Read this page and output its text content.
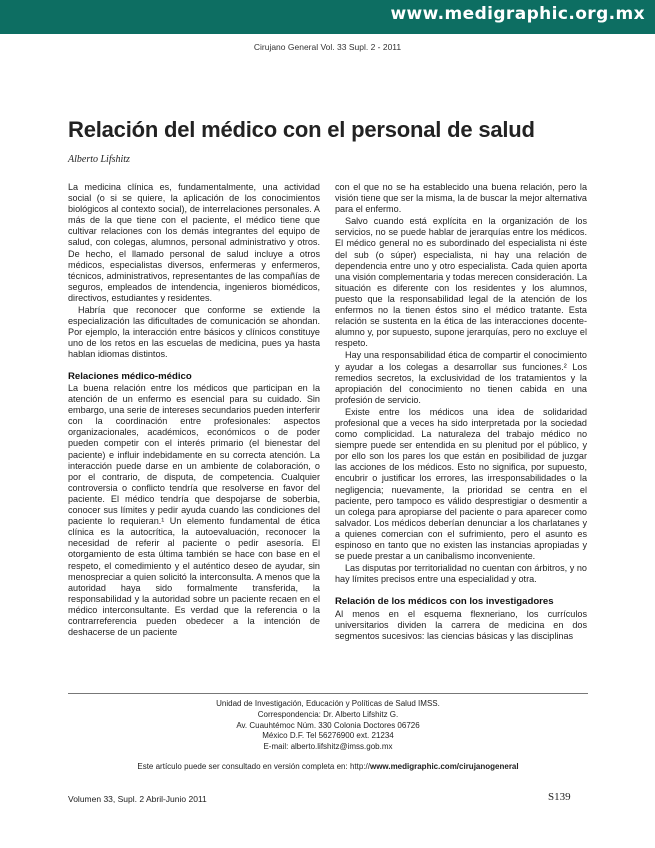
www.medigraphic.org.mx
Cirujano General Vol. 33 Supl. 2 - 2011
Relación del médico con el personal de salud
Alberto Lifshitz

La medicina clínica es, fundamentalmente, una actividad social (o si se quiere, la aplicación de los conocimientos biológicos al contexto social), de interrelaciones personales. A más de la que tiene con el paciente, el médico tiene que cultivar relaciones con los demás integrantes del equipo de salud, con colegas, alumnos, personal administrativo y otros. De hecho, el llamado personal de salud incluye a otros médicos, especialistas diversos, enfermeras y enfermeros, técnicos, administrativos, representantes de las compañías de seguros, empleados de intendencia, ingenieros biomédicos, directivos, estudiantes y residentes.

Habría que reconocer que conforme se extiende la especialización las dificultades de comunicación se ahondan. Por ejemplo, la interacción entre básicos y clínicos constituye uno de los retos en las escuelas de medicina, pues ya hasta hablan idiomas distintos.

Relaciones médico-médico

La buena relación entre los médicos que participan en la atención de un enfermo es esencial para su cuidado. Sin embargo, una serie de intereses secundarios pueden interferir con la coordinación entre profesionales: aspectos organizacionales, académicos, económicos o de poder pueden competir con el interés primario (el bienestar del paciente) e influir indebidamente en su correcta atención. La interacción puede darse en un ambiente de colaboración, o por el contrario, de disputa, de competencia. Cualquier controversia o conflicto tendría que resolverse en favor del paciente. El médico tendría que despojarse de soberbia, conocer sus límites y pedir ayuda cuando las condiciones del paciente lo requieran.¹ Un elemento fundamental de ética clínica es la autocrítica, la autoevaluación, reconocer la necesidad de referir al paciente o pedir asesoría. El otorgamiento de esta última también se hace con base en el respeto, el comedimiento y el auténtico deseo de ayudar, sin menospreciar a quien solicitó la interconsulta. A menos que la autoridad haya sido formalmente transferida, la responsabilidad y la autoridad sobre un paciente recaen en el médico interconsultante. Es verdad que la referencia o la contrarreferencia pueden obedecer a la intención de deshacerse de un paciente

con el que no se ha establecido una buena relación, pero la visión tiene que ser la misma, la de buscar la mejor alternativa para el enfermo.

Salvo cuando está explícita en la organización de los servicios, no se puede hablar de jerarquías entre los médicos. El médico general no es subordinado del especialista ni éste del sub (o súper) especialista, ni hay una relación de dependencia entre uno y otro especialista. Cada quien aporta una visión complementaria y todas merecen consideración. La situación es diferente con los residentes y los alumnos, puesto que la responsabilidad legal de la atención de los enfermos no la tienen éstos sino el médico tratante. Esta relación se sustenta en la ética de las interacciones docente-alumno y, por supuesto, supone jerarquías, pero no excluye el respeto.

Hay una responsabilidad ética de compartir el conocimiento y ayudar a los colegas a desarrollar sus funciones.² Los remedios secretos, la exclusividad de los tratamientos y la apropiación del conocimiento no tienen cabida en una profesión de servicio.

Existe entre los médicos una idea de solidaridad profesional que a veces ha sido interpretada por la sociedad como complicidad. La naturaleza del trabajo médico no siempre puede ser entendida en su plenitud por el público, y por ello son los pares los que están en posibilidad de juzgar las acciones de los médicos. Esto no significa, por supuesto, encubrir o justificar los errores, las irresponsabilidades o la negligencia; nuevamente, la prioridad se centra en el paciente, pero tampoco es válido desprestigiar o desmentir a un colega para apropiarse del paciente o para aparecer como salvador. Los médicos deberían denunciar a los charlatanes y a quienes comercian con el sufrimiento, pero el asunto es espinoso en tanto que no existen las instancias apropiadas y se puede prestar a un canibalismo inconveniente.

Las disputas por territorialidad no cuentan con árbitros, y no hay límites precisos entre una especialidad y otra.

Relación de los médicos con los investigadores

Al menos en el esquema flexneriano, los currículos universitarios dividen la carrera de medicina en dos segmentos sucesivos: las ciencias básicas y las disciplinas

Unidad de Investigación, Educación y Políticas de Salud IMSS.
Correspondencia: Dr. Alberto Lifshitz G.
Av. Cuauhtémoc Núm. 330 Colonia Doctores 06726
México D.F. Tel 56276900 ext. 21234
E-mail: alberto.lifshitz@imss.gob.mx
Este artículo puede ser consultado en versión completa en: http://www.medigraphic.com/cirujanogeneral
Volumen 33, Supl. 2 Abril-Junio 2011	S139
